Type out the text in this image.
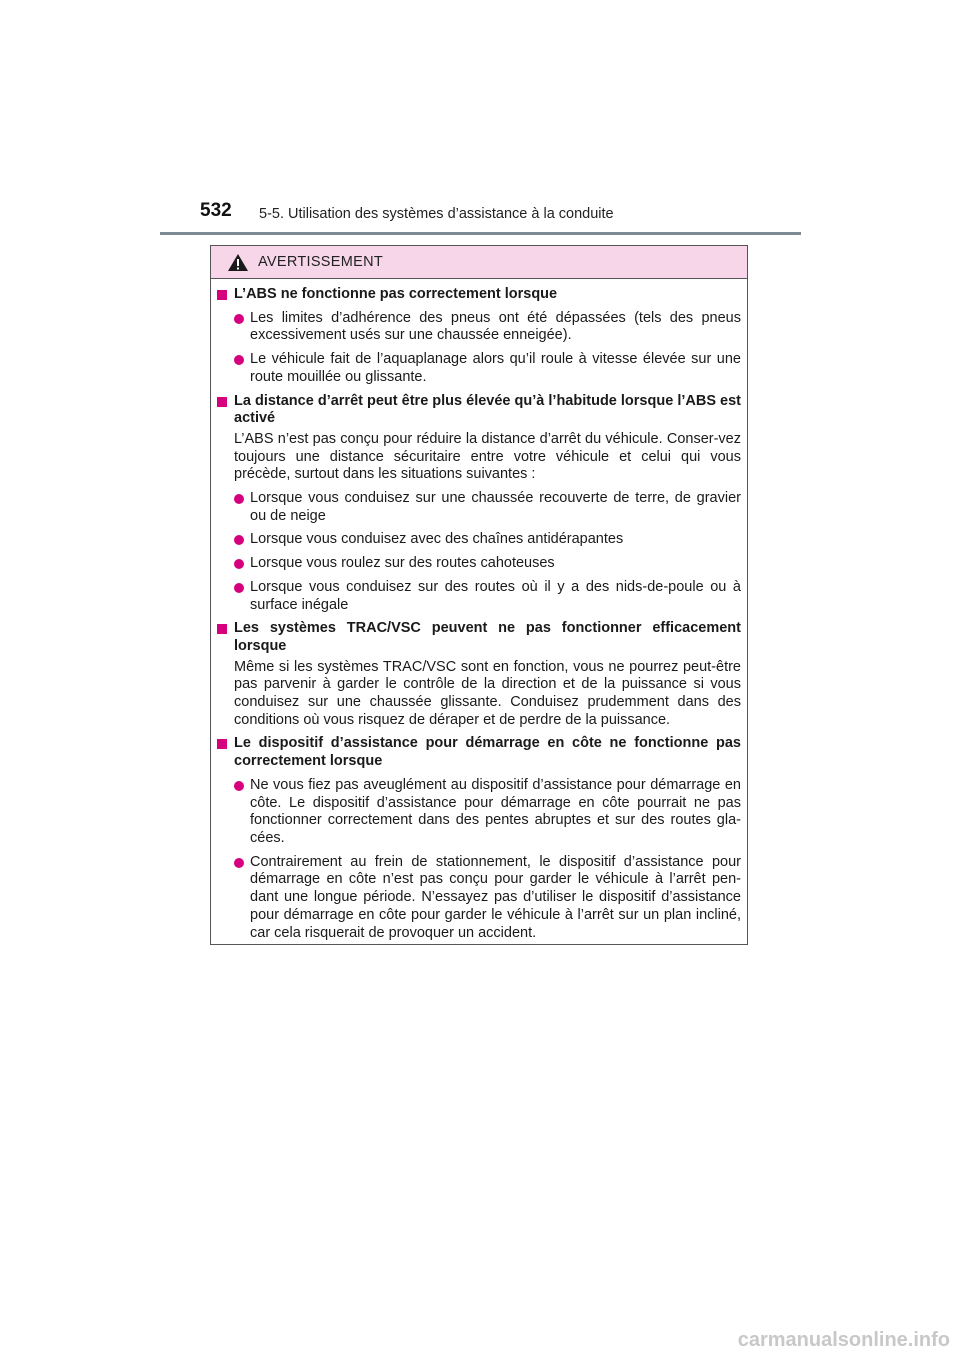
532 5-5. Utilisation des systèmes d’assistance à la conduite
AVERTISSEMENT
L’ABS ne fonctionne pas correctement lorsque
Les limites d’adhérence des pneus ont été dépassées (tels des pneus excessivement usés sur une chaussée enneigée).
Le véhicule fait de l’aquaplanage alors qu’il roule à vitesse élevée sur une route mouillée ou glissante.
La distance d’arrêt peut être plus élevée qu’à l’habitude lorsque l’ABS est activé
L’ABS n’est pas conçu pour réduire la distance d’arrêt du véhicule. Conser-vez toujours une distance sécuritaire entre votre véhicule et celui qui vous précède, surtout dans les situations suivantes :
Lorsque vous conduisez sur une chaussée recouverte de terre, de gravier ou de neige
Lorsque vous conduisez avec des chaînes antidérapantes
Lorsque vous roulez sur des routes cahoteuses
Lorsque vous conduisez sur des routes où il y a des nids-de-poule ou à surface inégale
Les systèmes TRAC/VSC peuvent ne pas fonctionner efficacement lorsque
Même si les systèmes TRAC/VSC sont en fonction, vous ne pourrez peut-être pas parvenir à garder le contrôle de la direction et de la puissance si vous conduisez sur une chaussée glissante. Conduisez prudemment dans des conditions où vous risquez de déraper et de perdre de la puissance.
Le dispositif d’assistance pour démarrage en côte ne fonctionne pas correctement lorsque
Ne vous fiez pas aveuglément au dispositif d’assistance pour démarrage en côte. Le dispositif d’assistance pour démarrage en côte pourrait ne pas fonctionner correctement dans des pentes abruptes et sur des routes gla-cées.
Contrairement au frein de stationnement, le dispositif d’assistance pour démarrage en côte n’est pas conçu pour garder le véhicule à l’arrêt pen-dant une longue période. N’essayez pas d’utiliser le dispositif d’assistance pour démarrage en côte pour garder le véhicule à l’arrêt sur un plan incliné, car cela risquerait de provoquer un accident.
carmanualsonline.info
